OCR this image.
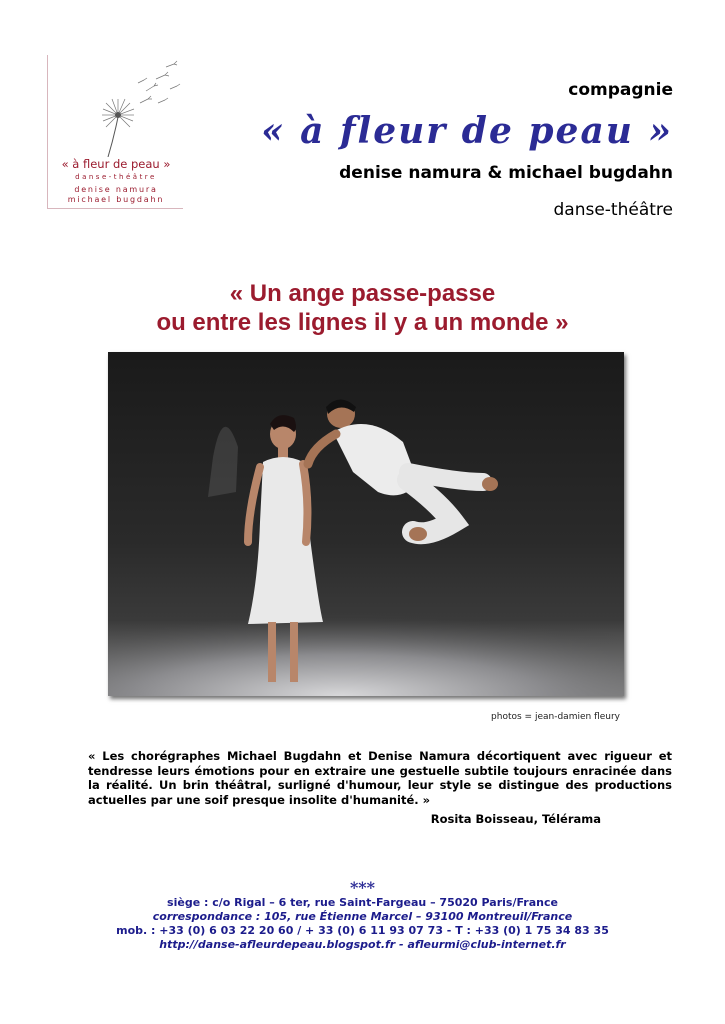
« à fleur de peau »
danse-théâtre
denise namura
michael bugdahn
compagnie
« à fleur de peau »
denise namura & michael bugdahn
danse-théâtre
« Un ange passe-passe
ou entre les lignes il y a un monde »
photos = jean-damien fleury
« Les chorégraphes Michael Bugdahn et Denise Namura décortiquent avec rigueur et tendresse leurs émotions pour en extraire une gestuelle subtile toujours enracinée dans la réalité. Un brin théâtral, surligné d'humour, leur style se distingue des productions actuelles par une soif presque insolite d'humanité. »
Rosita Boisseau, Télérama
***
siège : c/o Rigal – 6 ter, rue Saint-Fargeau – 75020 Paris/France
correspondance : 105, rue Étienne Marcel – 93100 Montreuil/France
mob. : +33 (0) 6 03 22 20 60 / + 33 (0) 6 11 93 07 73 - T : +33 (0) 1 75 34 83 35
http://danse-afleurdepeau.blogspot.fr - afleurmi@club-internet.fr
